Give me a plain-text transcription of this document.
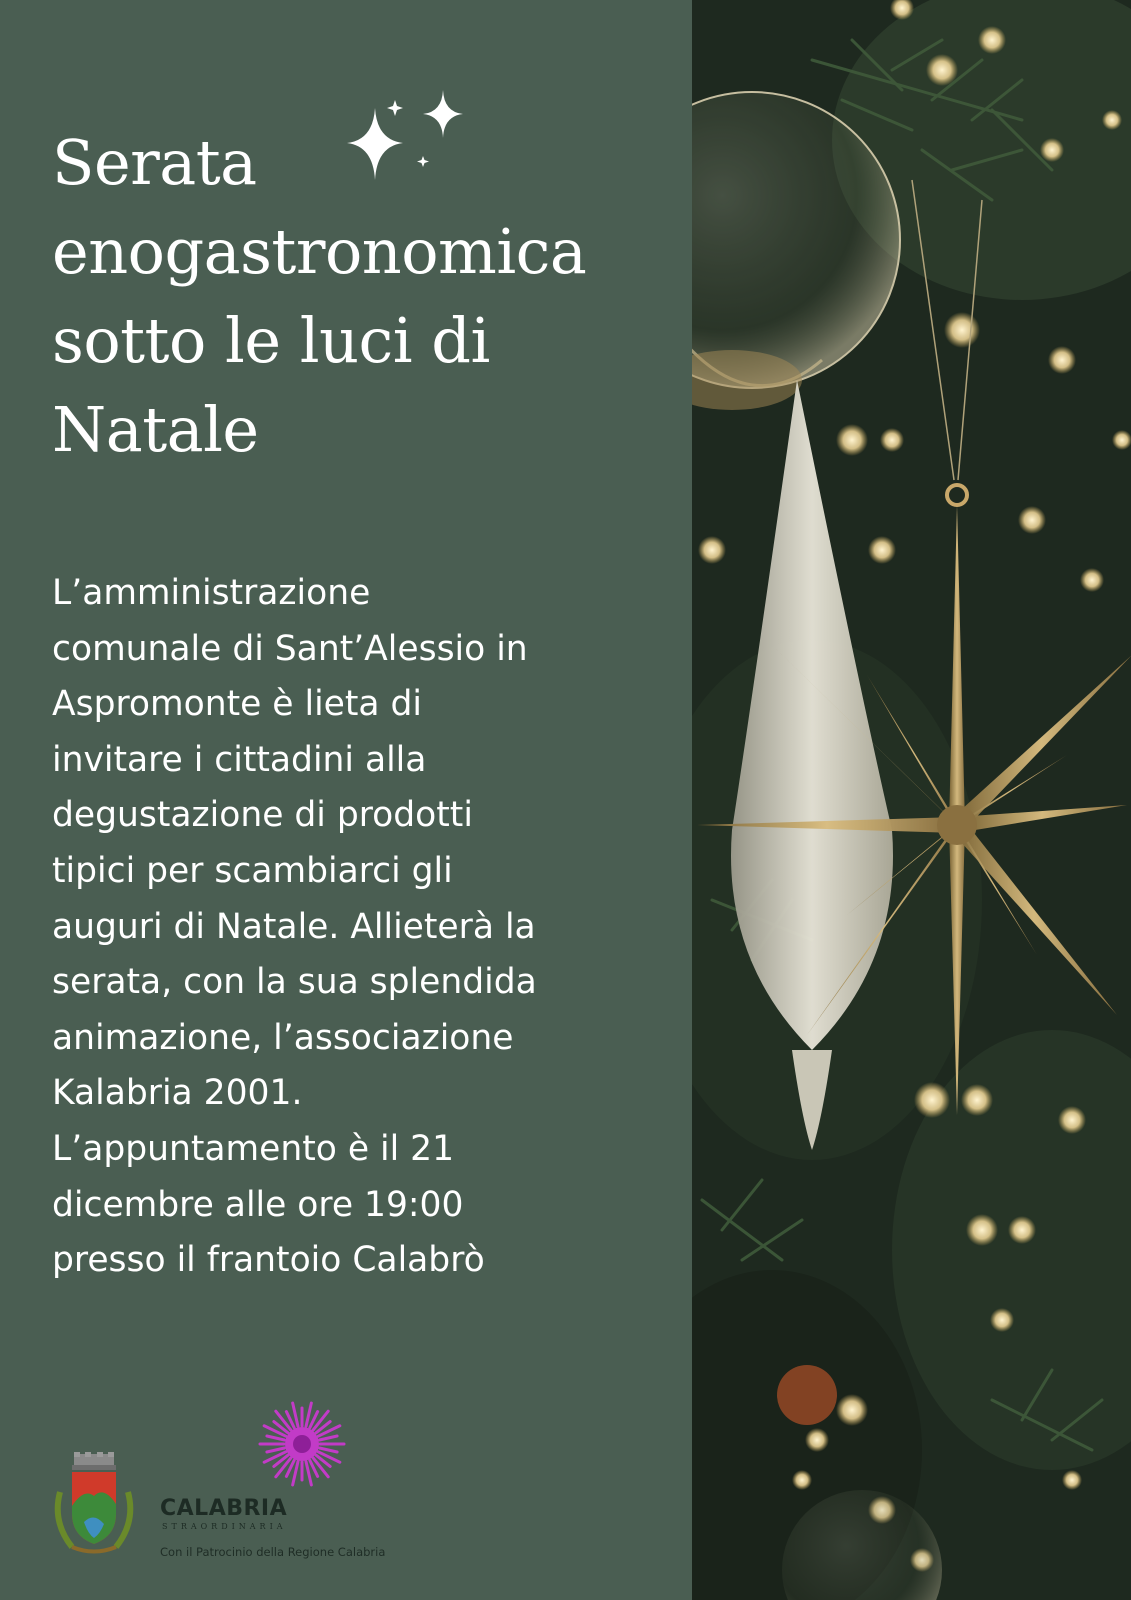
Serata
enogastronomica
sotto le luci di
Natale
L’amministrazione
comunale di Sant’Alessio in
Aspromonte è lieta di
invitare i cittadini alla
degustazione di prodotti
tipici per scambiarci gli
auguri di Natale. Allieterà la
serata, con la sua splendida
animazione, l’associazione
Kalabria 2001.
L’appuntamento è il 21
dicembre alle ore 19:00
presso il frantoio Calabrò
CALABRIA
STRAORDINARIA
Con il Patrocinio della Regione Calabria
